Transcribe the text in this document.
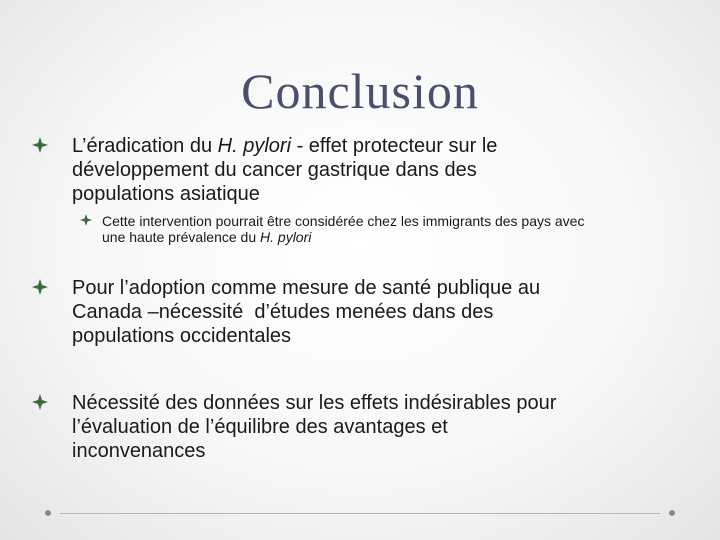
Conclusion
L’éradication du H. pylori - effet protecteur sur le
développement du cancer gastrique dans des
populations asiatique
Cette intervention pourrait être considérée chez les immigrants des pays avec
une haute prévalence du H. pylori
Pour l’adoption comme mesure de santé publique au
Canada –nécessité  d’études menées dans des
populations occidentales
Nécessité des données sur les effets indésirables pour
l’évaluation de l’équilibre des avantages et
inconvenances
